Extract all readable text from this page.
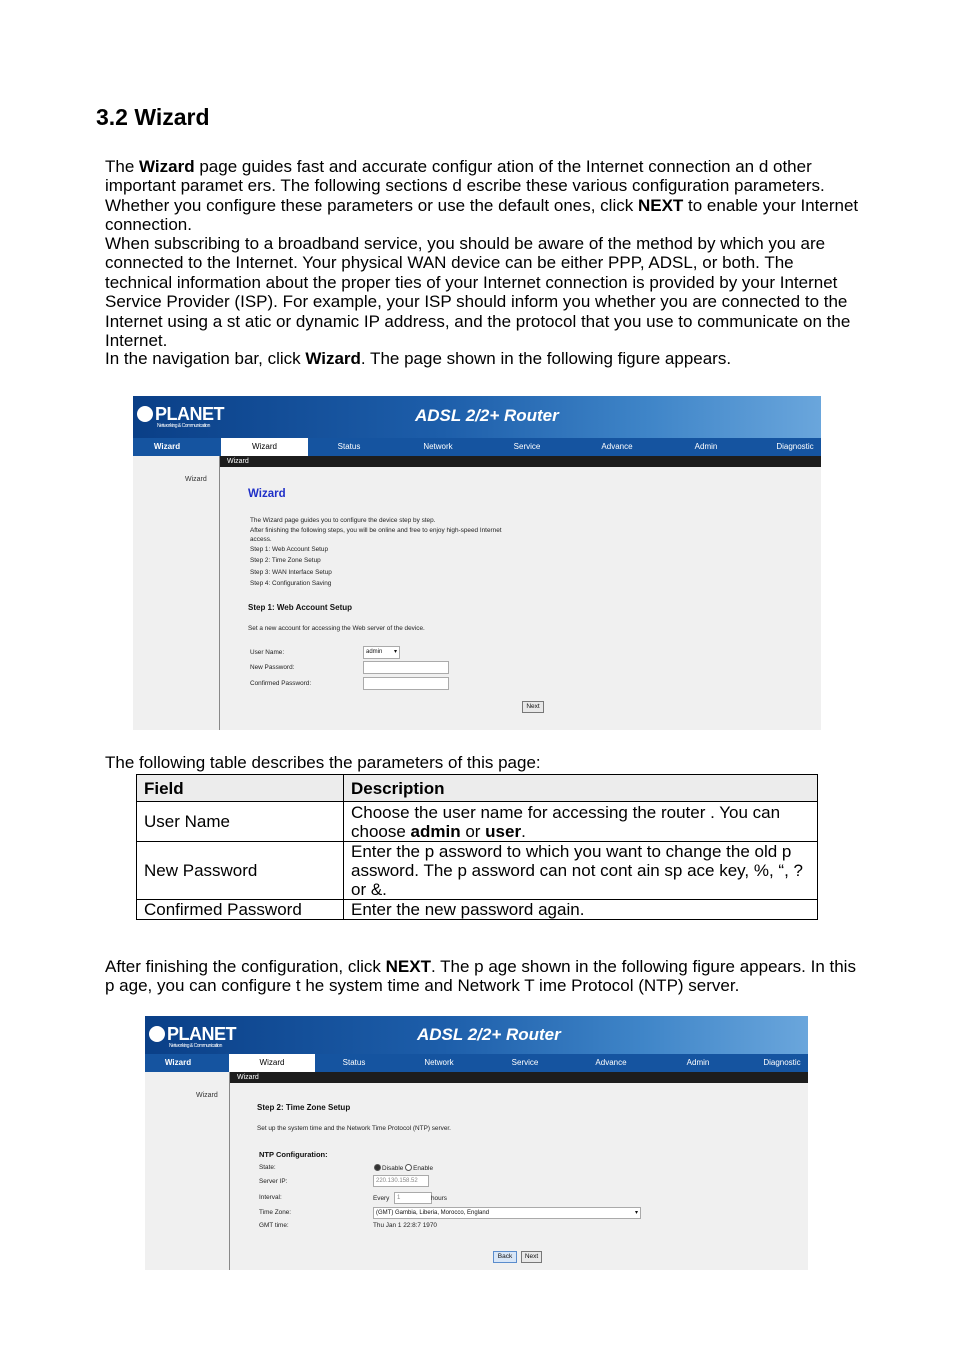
3.2 Wizard

The Wizard page guides fast and accurate configur ation of the Internet connection an d other important paramet ers. The following sections d escribe these various configuration parameters. Whether you configure these parameters or use the default ones, click NEXT to enable your Internet connection.

When subscribing to a broadband service, you should be aware of the method by which you are connected to the Internet. Your physical WAN device can be either PPP, ADSL, or both. The technical information about the proper ties of your Internet connection is provided by your Internet Service Provider (ISP). For example, your ISP should inform you whether you are connected to the Internet using a st atic or dynamic IP address, and the protocol that you use to communicate on the Internet.

In the navigation bar, click Wizard. The page shown in the following figure appears.

PLANET
Networking & Communication
ADSL 2/2+ Router
Wizard	Wizard	Status	Network	Service	Advance	Admin	Diagnostic
Wizard
Wizard
Wizard
The Wizard page guides you to configure the device step by step.
After finishing the following steps, you will be online and free to enjoy high-speed Internet
access.
Step 1: Web Account Setup
Step 2: Time Zone Setup
Step 3: WAN Interface Setup
Step 4: Configuration Saving
Step 1: Web Account Setup
Set a new account for accessing the Web server of the device.
User Name:	admin ▾
New Password:
Confirmed Password:
Next
The following table describes the parameters of this page:
Field	Description
User Name	Choose the user name for accessing the router . You can choose admin or user.
New Password	Enter the p assword to which you want to change the old p assword. The p assword can not cont ain sp ace key, %, “, ? or &.
Confirmed Password	Enter the new password again.

After finishing the configuration, click NEXT. The p age shown in the following figure appears. In this p age, you can configure t he system time and Network T ime Protocol (NTP) server.

PLANET
Networking & Communication
ADSL 2/2+ Router
Wizard	Wizard	Status	Network	Service	Advance	Admin	Diagnostic
Wizard
Wizard
Step 2: Time Zone Setup
Set up the system time and the Network Time Protocol (NTP) server.
NTP Configuration:
State:	Disable Enable
Server IP:	220.130.158.52
Interval:	Every	1	hours
Time Zone:	(GMT) Gambia, Liberia, Morocco, England	▾
GMT time:	Thu Jan 1 22:8:7 1970
Back	Next
